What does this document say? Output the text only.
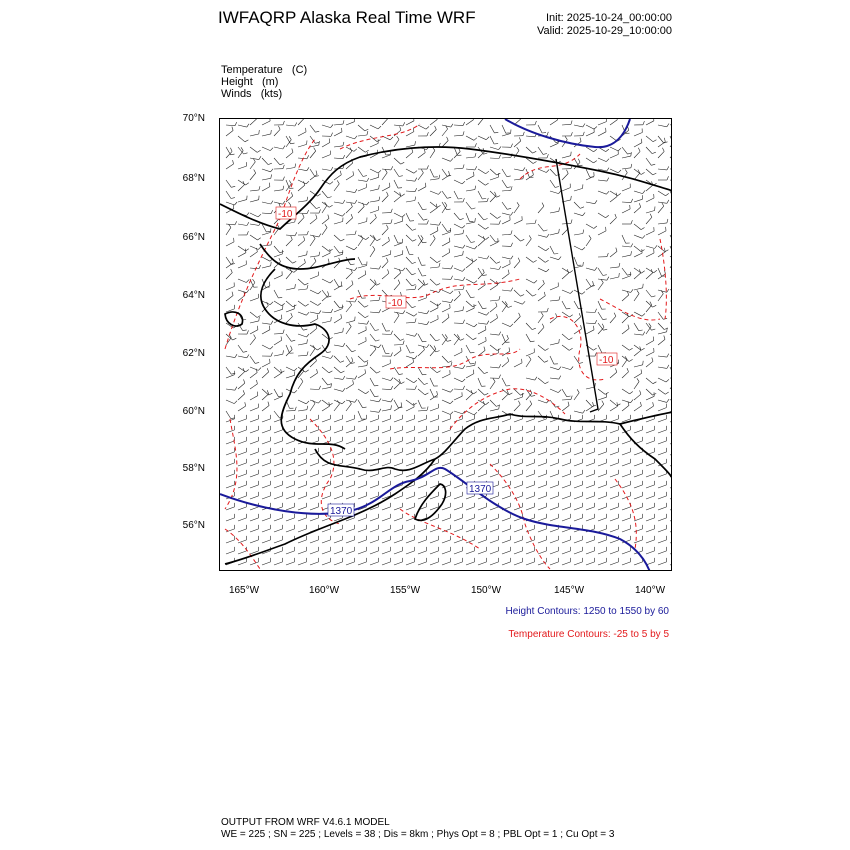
IWFAQRP Alaska Real Time WRF	Init: 2025-10-24_00:00:00
Valid: 2025-10-29_10:00:00
Temperature   (C)
Height   (m)
Winds   (kts)
70°N
68°N
66°N
64°N
62°N
60°N
58°N
56°N
165°W	160°W	155°W	150°W	145°W	140°W
-10
-10
-10
1370
1370
Height Contours: 1250 to 1550 by 60
Temperature Contours: -25 to 5 by 5
OUTPUT FROM WRF V4.6.1 MODEL
WE = 225 ; SN = 225 ; Levels = 38 ; Dis = 8km ; Phys Opt = 8 ; PBL Opt = 1 ; Cu Opt = 3
